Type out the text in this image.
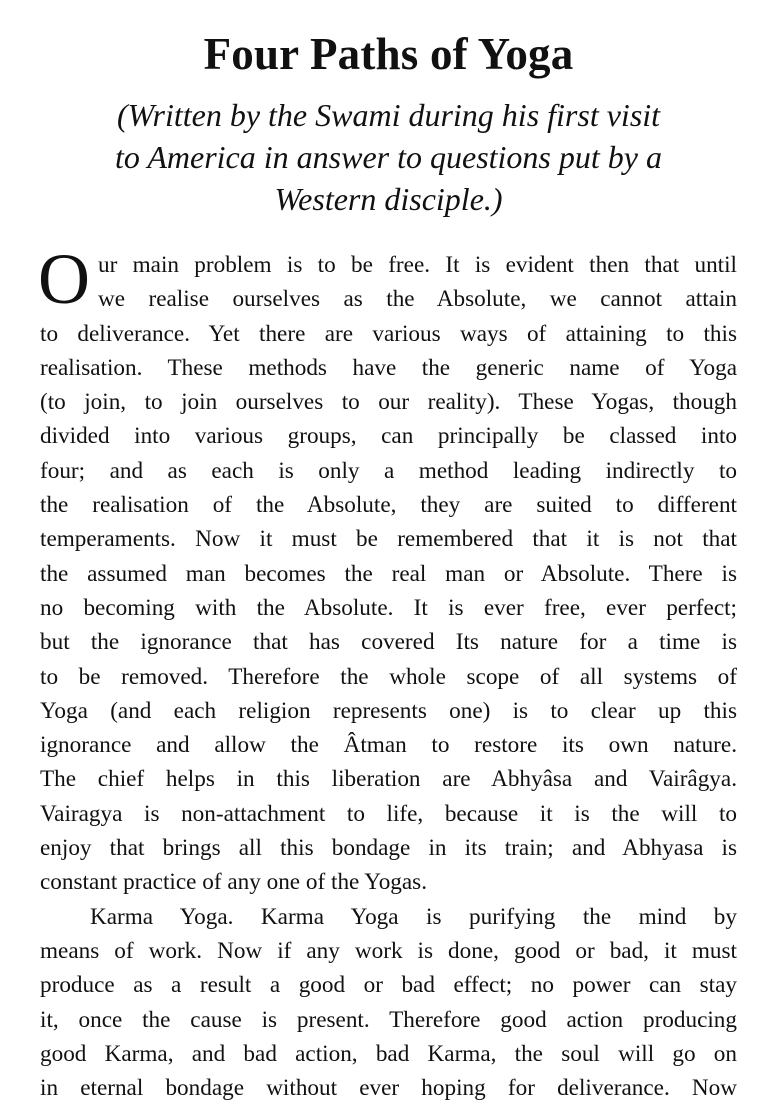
Four Paths of Yoga
(Written by the Swami during his first visit
to America in answer to questions put by a
Western disciple.)
O ur main problem is to be free. It is evident then that until
we realise ourselves as the Absolute, we cannot attain
to deliverance. Yet there are various ways of attaining to this
realisation. These methods have the generic name of Yoga
(to join, to join ourselves to our reality). These Yogas, though
divided into various groups, can principally be classed into
four; and as each is only a method leading indirectly to
the realisation of the Absolute, they are suited to different
temperaments. Now it must be remembered that it is not that
the assumed man becomes the real man or Absolute. There is
no becoming with the Absolute. It is ever free, ever perfect;
but the ignorance that has covered Its nature for a time is
to be removed. Therefore the whole scope of all systems of
Yoga (and each religion represents one) is to clear up this
ignorance and allow the Âtman to restore its own nature.
The chief helps in this liberation are Abhyâsa and Vairâgya.
Vairagya is non-attachment to life, because it is the will to
enjoy that brings all this bondage in its train; and Abhyasa is
constant practice of any one of the Yogas.
Karma Yoga. Karma Yoga is purifying the mind by
means of work. Now if any work is done, good or bad, it must
produce as a result a good or bad effect; no power can stay
it, once the cause is present. Therefore good action producing
good Karma, and bad action, bad Karma, the soul will go on
in eternal bondage without ever hoping for deliverance. Now
